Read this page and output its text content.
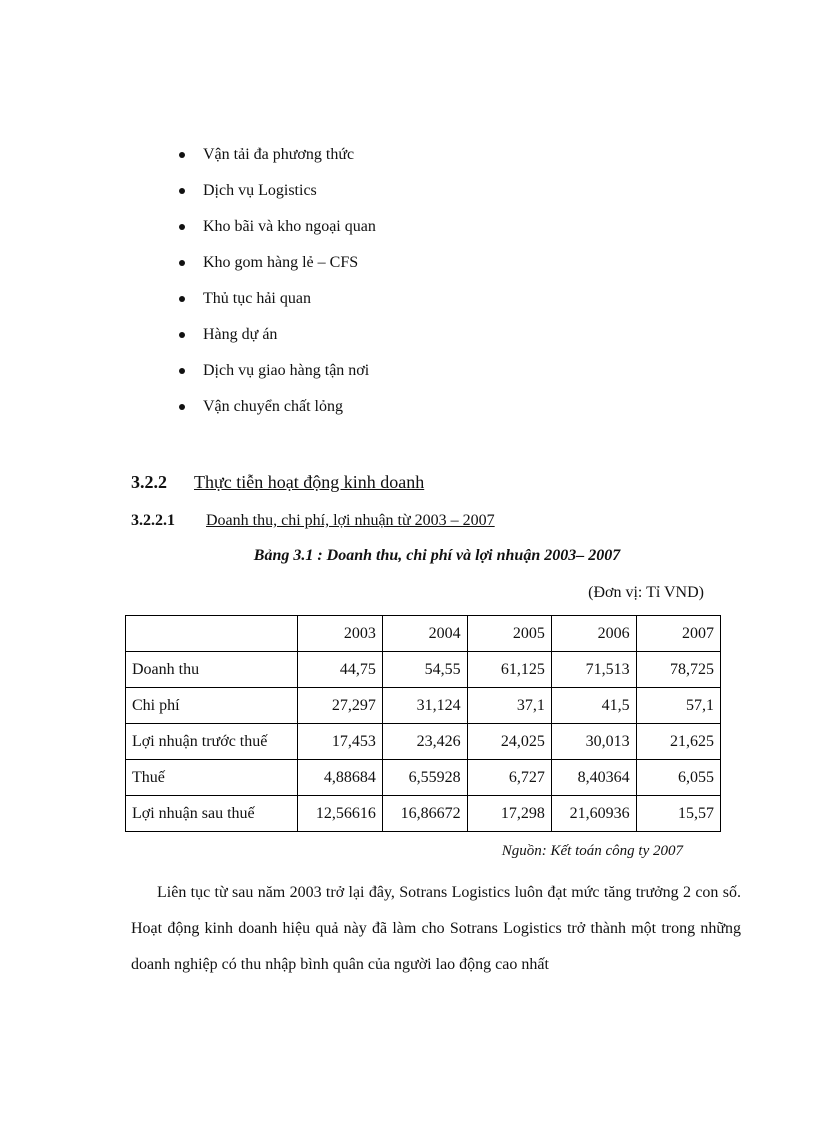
Vận tải đa phương thức
Dịch vụ Logistics
Kho bãi và kho ngoại quan
Kho gom hàng lẻ – CFS
Thủ tục hải quan
Hàng dự án
Dịch vụ giao hàng tận nơi
Vận chuyển chất lỏng
3.2.2 Thực tiễn hoạt động kinh doanh
3.2.2.1 Doanh thu, chi phí, lợi nhuận từ 2003 – 2007
Bảng 3.1 : Doanh thu, chi phí và lợi nhuận 2003– 2007
(Đơn vị: Tỉ VND)
	2003	2004	2005	2006	2007
Doanh thu	44,75	54,55	61,125	71,513	78,725
Chi phí	27,297	31,124	37,1	41,5	57,1
Lợi nhuận trước thuế	17,453	23,426	24,025	30,013	21,625
Thuế	4,88684	6,55928	6,727	8,40364	6,055
Lợi nhuận sau thuế	12,56616	16,86672	17,298	21,60936	15,57
Nguồn: Kết toán công ty 2007

Liên tục từ sau năm 2003 trở lại đây, Sotrans Logistics luôn đạt mức tăng trưởng 2 con số. Hoạt động kinh doanh hiệu quả này đã làm cho Sotrans Logistics trở thành một trong những doanh nghiệp có thu nhập bình quân của người lao động cao nhất
